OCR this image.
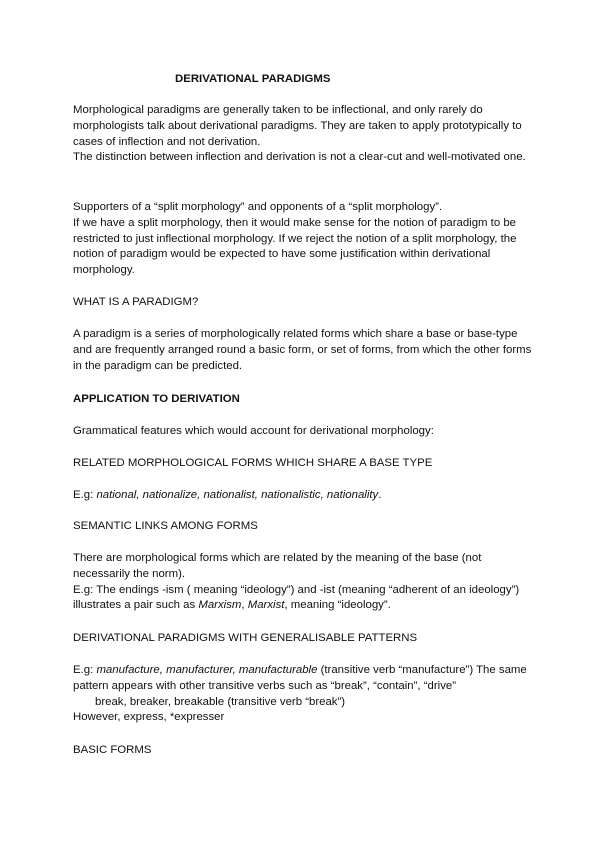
DERIVATIONAL PARADIGMS

Morphological paradigms are generally taken to be inflectional, and only rarely do morphologists talk about derivational paradigms. They are taken to apply prototypically to cases of inflection and not derivation.

The distinction between inflection and derivation is not a clear-cut and well-motivated one.

Supporters of a “split morphology” and opponents of a “split morphology”.

If we have a split morphology, then it would make sense for the notion of paradigm to be restricted to just inflectional morphology. If we reject the notion of a split morphology, the notion of paradigm would be expected to have some justification within derivational morphology.

WHAT IS A PARADIGM?
A paradigm is a series of morphologically related forms which share a base or base-type and are frequently arranged round a basic form, or set of forms, from which the other forms in the paradigm can be predicted.
APPLICATION TO DERIVATION
Grammatical features which would account for derivational morphology:
RELATED MORPHOLOGICAL FORMS WHICH SHARE A BASE TYPE
E.g: national, nationalize, nationalist, nationalistic, nationality.
SEMANTIC LINKS AMONG FORMS

There are morphological forms which are related by the meaning of the base (not necessarily the norm).

E.g: The endings -ism ( meaning “ideology”) and -ist (meaning “adherent of an ideology”) illustrates a pair such as Marxism, Marxist, meaning “ideology”.

DERIVATIONAL PARADIGMS WITH GENERALISABLE PATTERNS

E.g: manufacture, manufacturer, manufacturable (transitive verb “manufacture”) The same pattern appears with other transitive verbs such as “break”, “contain”, “drive”

break, breaker, breakable (transitive verb “break”)

However, express, *expresser

BASIC FORMS
